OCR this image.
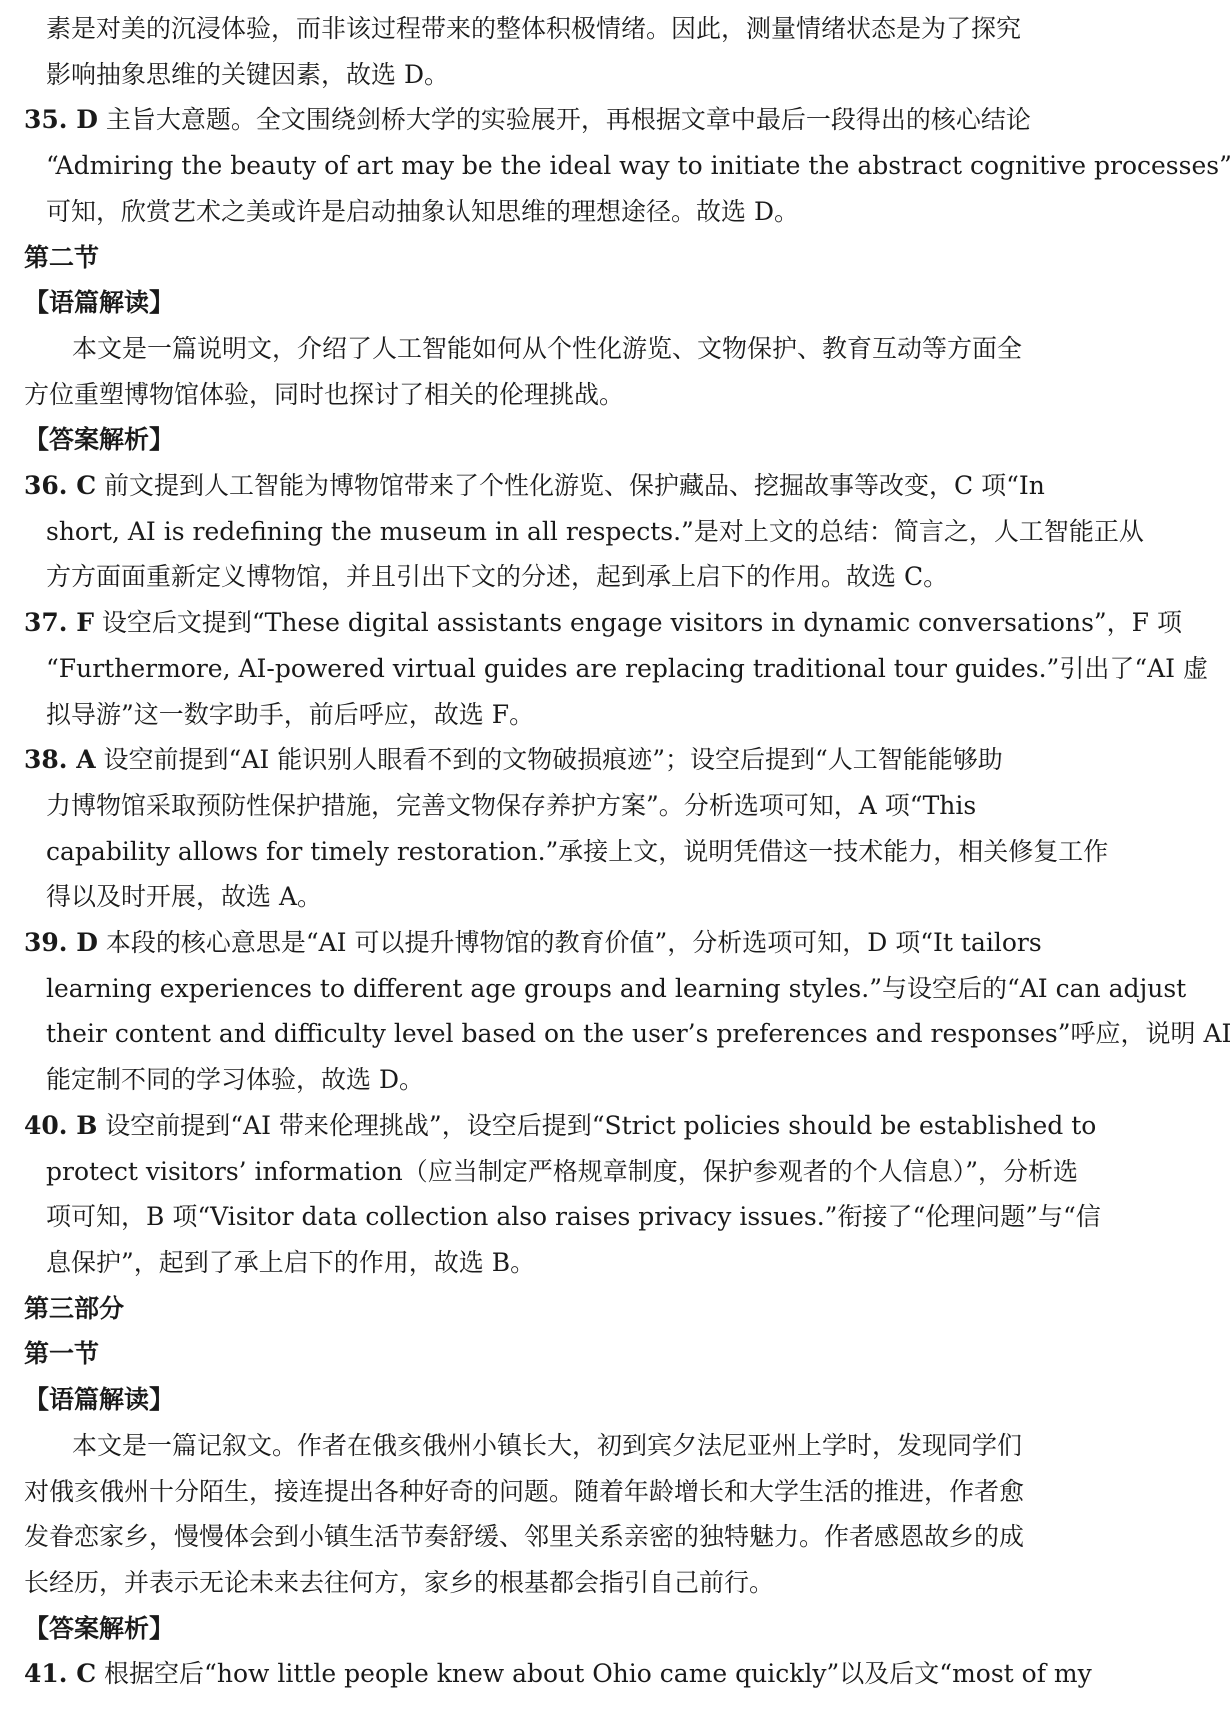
素是对美的沉浸体验，而非该过程带来的整体积极情绪。因此，测量情绪状态是为了探究
影响抽象思维的关键因素，故选 D。
35. D 主旨大意题。全文围绕剑桥大学的实验展开，再根据文章中最后一段得出的核心结论
“Admiring the beauty of art may be the ideal way to initiate the abstract cognitive processes”
可知，欣赏艺术之美或许是启动抽象认知思维的理想途径。故选 D。
第二节
【语篇解读】
本文是一篇说明文，介绍了人工智能如何从个性化游览、文物保护、教育互动等方面全
方位重塑博物馆体验，同时也探讨了相关的伦理挑战。
【答案解析】
36. C 前文提到人工智能为博物馆带来了个性化游览、保护藏品、挖掘故事等改变，C 项“In
short, AI is redefining the museum in all respects.”是对上文的总结：简言之，人工智能正从
方方面面重新定义博物馆，并且引出下文的分述，起到承上启下的作用。故选 C。
37. F 设空后文提到“These digital assistants engage visitors in dynamic conversations”，F 项
“Furthermore, AI-powered virtual guides are replacing traditional tour guides.”引出了“AI 虚
拟导游”这一数字助手，前后呼应，故选 F。
38. A 设空前提到“AI 能识别人眼看不到的文物破损痕迹”；设空后提到“人工智能能够助
力博物馆采取预防性保护措施，完善文物保存养护方案”。分析选项可知，A 项“This
capability allows for timely restoration.”承接上文，说明凭借这一技术能力，相关修复工作
得以及时开展，故选 A。
39. D 本段的核心意思是“AI 可以提升博物馆的教育价值”，分析选项可知，D 项“It tailors
learning experiences to different age groups and learning styles.”与设空后的“AI can adjust
their content and difficulty level based on the user’s preferences and responses”呼应，说明 AI
能定制不同的学习体验，故选 D。
40. B 设空前提到“AI 带来伦理挑战”，设空后提到“Strict policies should be established to
protect visitors’ information（应当制定严格规章制度，保护参观者的个人信息）”，分析选
项可知，B 项“Visitor data collection also raises privacy issues.”衔接了“伦理问题”与“信
息保护”，起到了承上启下的作用，故选 B。
第三部分
第一节
【语篇解读】
本文是一篇记叙文。作者在俄亥俄州小镇长大，初到宾夕法尼亚州上学时，发现同学们
对俄亥俄州十分陌生，接连提出各种好奇的问题。随着年龄增长和大学生活的推进，作者愈
发眷恋家乡，慢慢体会到小镇生活节奏舒缓、邻里关系亲密的独特魅力。作者感恩故乡的成
长经历，并表示无论未来去往何方，家乡的根基都会指引自己前行。
【答案解析】
41. C 根据空后“how little people knew about Ohio came quickly”以及后文“most of my
